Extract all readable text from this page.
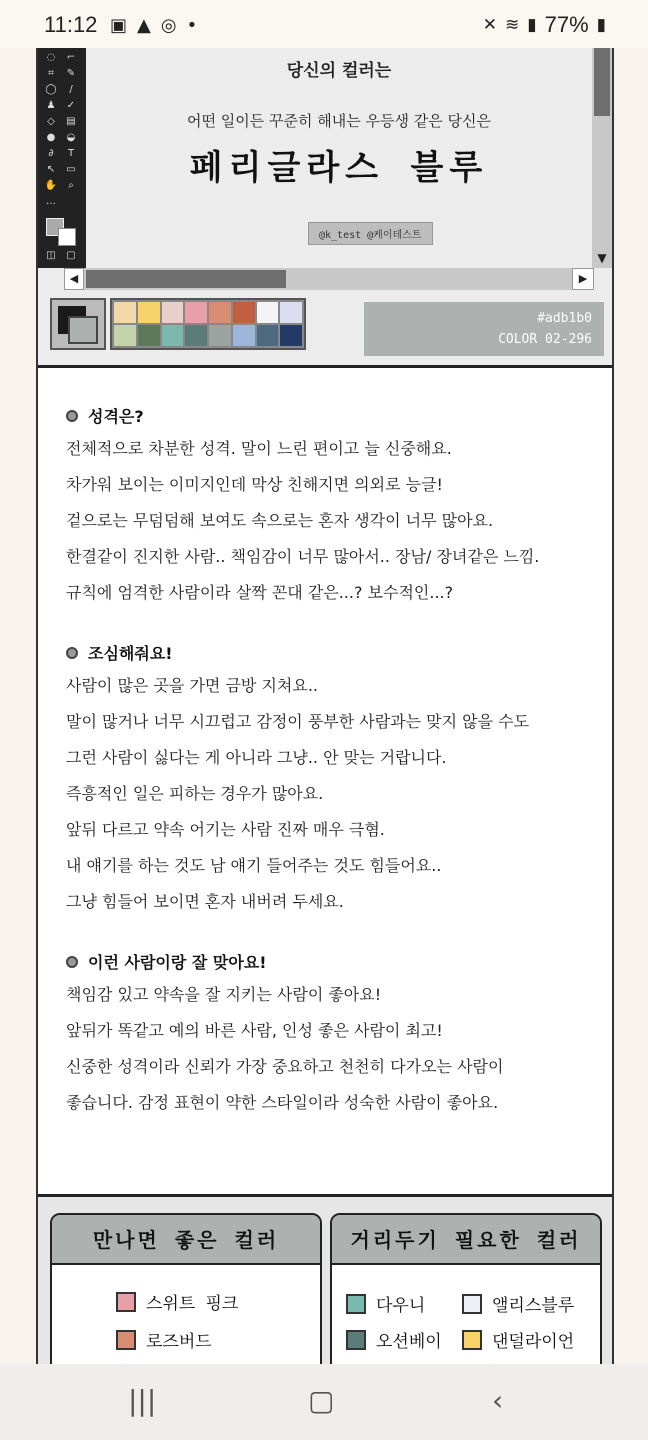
11:12 ▣ ▲ ◎ •	✕ ≋ ▮ 77% ▮
◌ ⌐
⌗	✎
◯	/
♟ ✓
◇	▤
● ◒
∂	T
↖ ▭
✋	⌕
…
◫ ▢
당신의 컬러는
어떤 일이든 꾸준히 해내는 우등생 같은 당신은
페리글라스 블루
@k_test @케이테스트
▼
◀	▶
#adb1b0
COLOR 02-296
성격은?
전체적으로 차분한 성격. 말이 느린 편이고 늘 신중해요.
차가워 보이는 이미지인데 막상 친해지면 의외로 능글!
겉으로는 무덤덤해 보여도 속으로는 혼자 생각이 너무 많아요.
한결같이 진지한 사람.. 책임감이 너무 많아서.. 장남/ 장녀같은 느낌.
규칙에 엄격한 사람이라 살짝 꼰대 같은...? 보수적인...?
조심해줘요!
사람이 많은 곳을 가면 금방 지쳐요..
말이 많거나 너무 시끄럽고 감정이 풍부한 사람과는 맞지 않을 수도
그런 사람이 싫다는 게 아니라 그냥.. 안 맞는 거랍니다.
즉흥적인 일은 피하는 경우가 많아요.
앞뒤 다르고 약속 어기는 사람 진짜 매우 극혐.
내 얘기를 하는 것도 남 얘기 들어주는 것도 힘들어요..
그냥 힘들어 보이면 혼자 내버려 두세요.
이런 사람이랑 잘 맞아요!
책임감 있고 약속을 잘 지키는 사람이 좋아요!
앞뒤가 똑같고 예의 바른 사람, 인성 좋은 사람이 최고!
신중한 성격이라 신뢰가 가장 중요하고 천천히 다가오는 사람이
좋습니다. 감정 표현이 약한 스타일이라 성숙한 사람이 좋아요.
만나면 좋은 컬러
스위트 핑크
로즈버드
거리두기 필요한 컬러
다우니	앨리스블루
오션베이	댄덜라이언
|||	▢	‹
